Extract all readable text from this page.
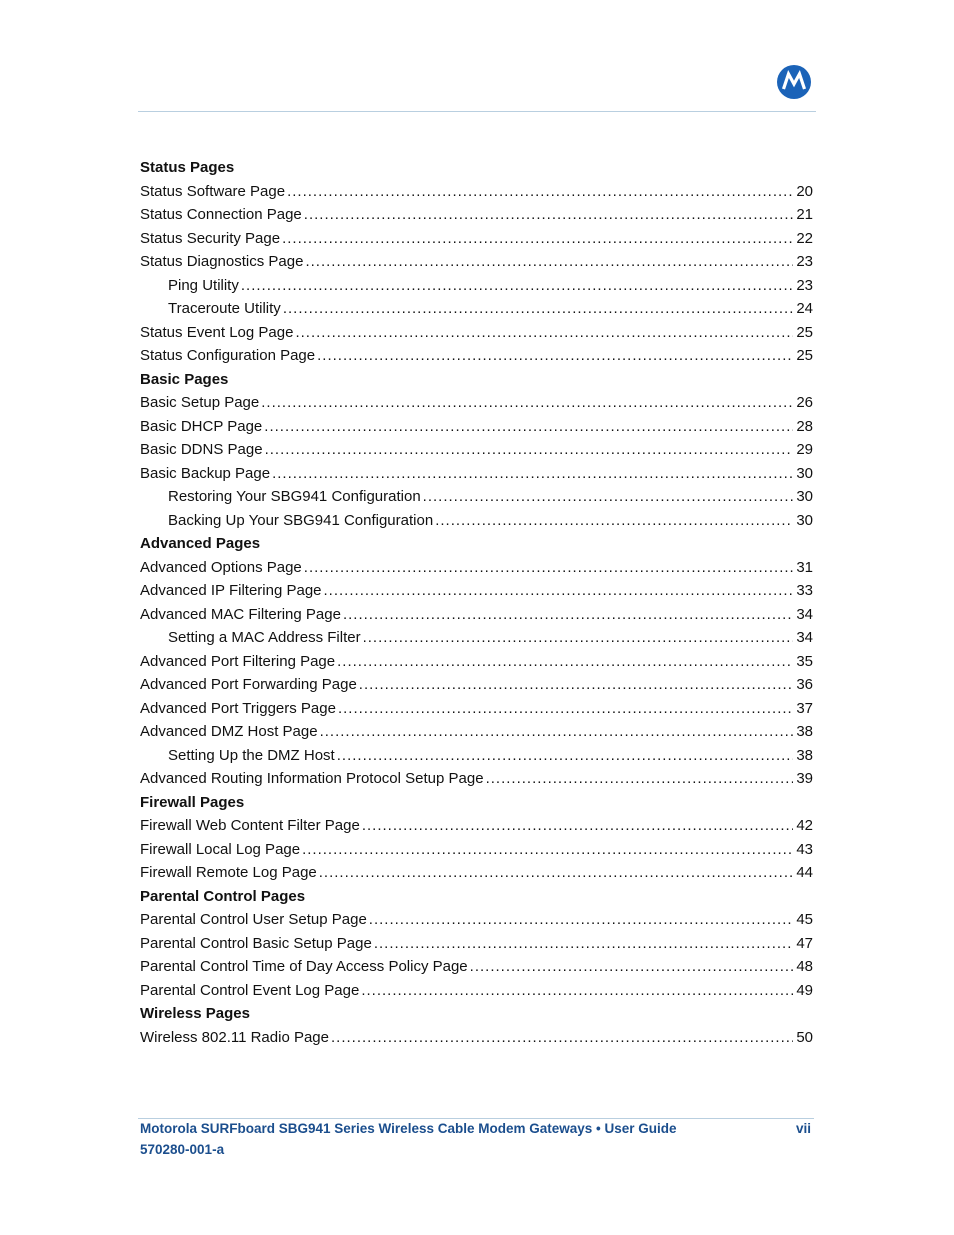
Status Pages
Status Software Page .....	20
Status Connection Page .....	21
Status Security Page .....	22
Status Diagnostics Page .....	23
Ping Utility .....	23
Traceroute Utility .....	24
Status Event Log Page .....	25
Status Configuration Page .....	25
Basic Pages
Basic Setup Page .....	26
Basic DHCP Page .....	28
Basic DDNS Page .....	29
Basic Backup Page .....	30
Restoring Your SBG941 Configuration .....	30
Backing Up Your SBG941 Configuration .....	30
Advanced Pages
Advanced Options Page .....	31
Advanced IP Filtering Page .....	33
Advanced MAC Filtering Page .....	34
Setting a MAC Address Filter .....	34
Advanced Port Filtering Page .....	35
Advanced Port Forwarding Page .....	36
Advanced Port Triggers Page .....	37
Advanced DMZ Host Page .....	38
Setting Up the DMZ Host .....	38
Advanced Routing Information Protocol Setup Page .....	39
Firewall Pages
Firewall Web Content Filter Page .....	42
Firewall Local Log Page .....	43
Firewall Remote Log Page .....	44
Parental Control Pages
Parental Control User Setup Page .....	45
Parental Control Basic Setup Page .....	47
Parental Control Time of Day Access Policy Page .....	48
Parental Control Event Log Page .....	49
Wireless Pages
Wireless 802.11 Radio Page .....	50
Motorola SURFboard SBG941 Series Wireless Cable Modem Gateways • User Guide
570280-001-a
vii
